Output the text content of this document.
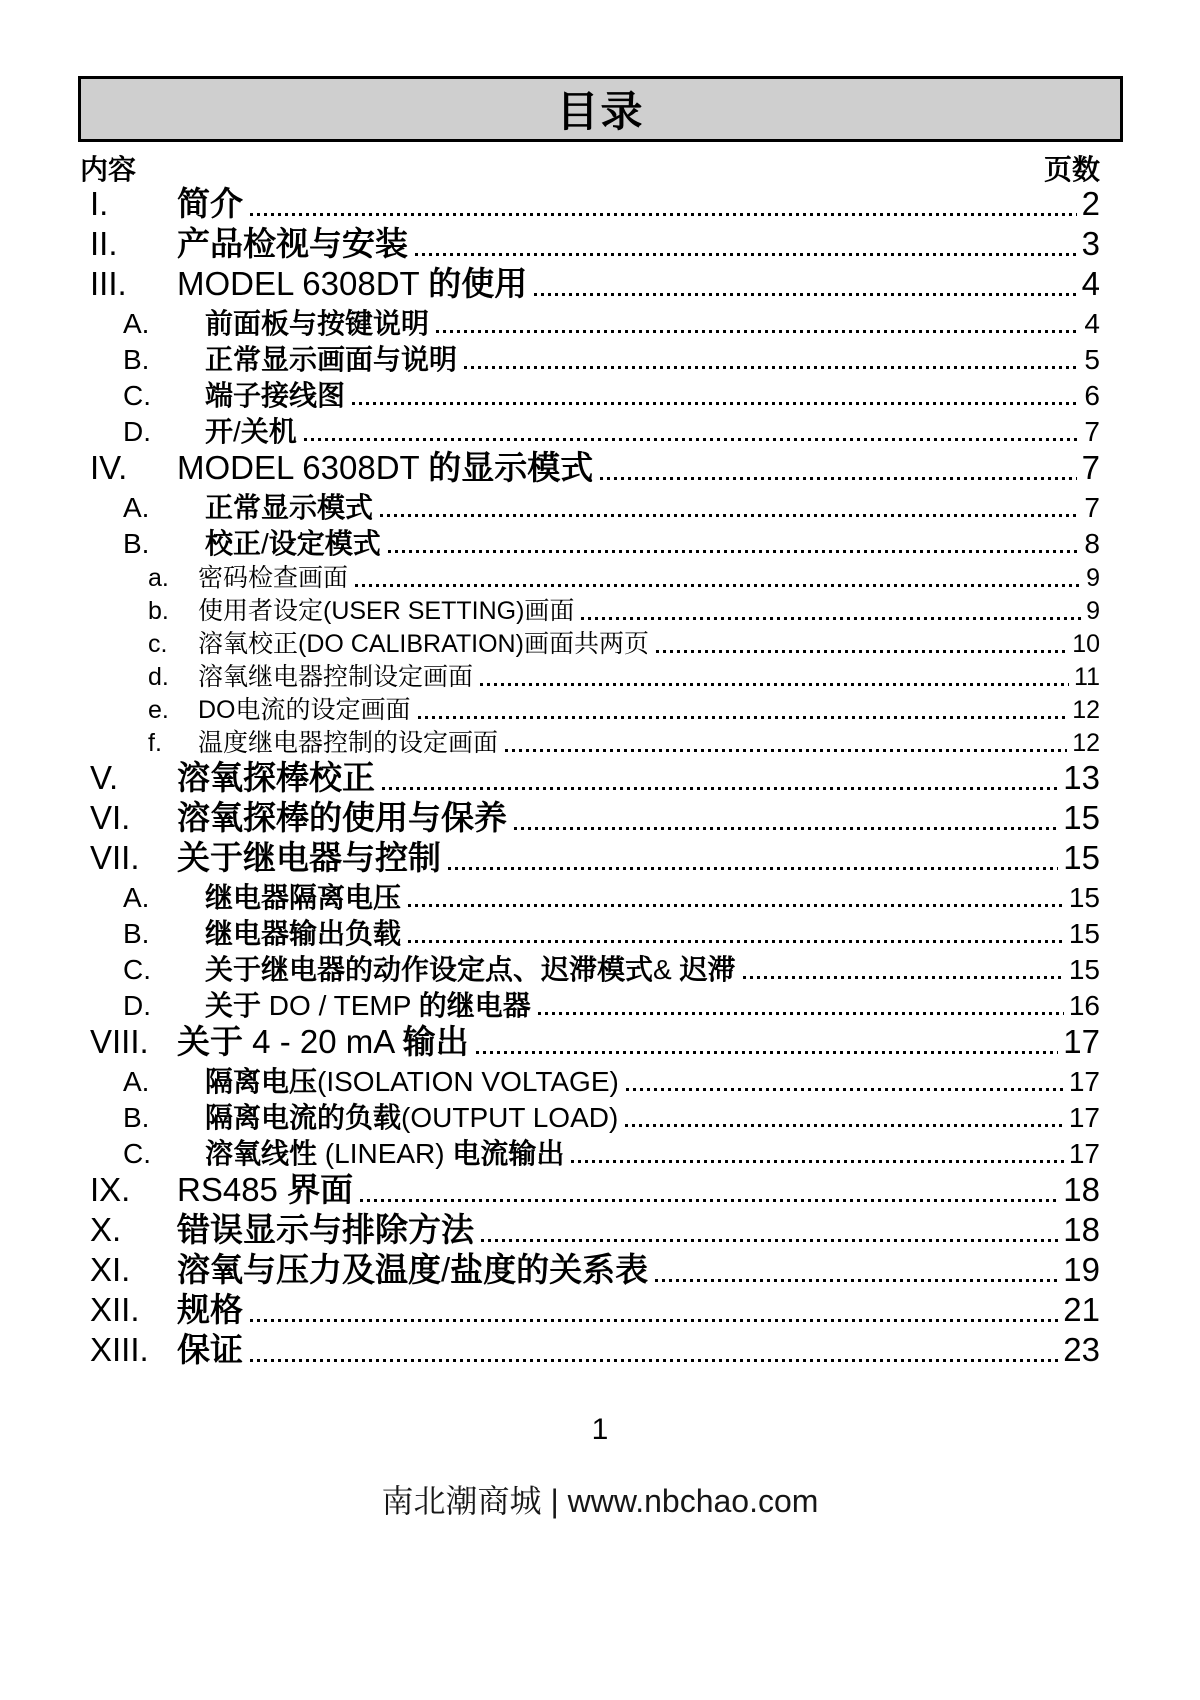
目录
内容	页数
I.	简介	2
II.	产品检视与安装	3
III.	MODEL 6308DT 的使用	4
A.	前面板与按键说明	4
B.	正常显示画面与说明	5
C.	端子接线图	6
D.	开/关机	7
IV.	MODEL 6308DT 的显示模式	7
A.	正常显示模式	7
B.	校正/设定模式	8
a.	密码检查画面	9
b.	使用者设定(USER SETTING)画面	9
c.	溶氧校正(DO CALIBRATION)画面共两页	10
d.	溶氧继电器控制设定画面	11
e.	DO电流的设定画面	12
f.	温度继电器控制的设定画面	12
V.	溶氧探棒校正	13
VI.	溶氧探棒的使用与保养	15
VII.	关于继电器与控制	15
A.	继电器隔离电压	15
B.	继电器输出负载	15
C.	关于继电器的动作设定点、迟滞模式& 迟滞	15
D.	关于 DO / TEMP 的继电器	16
VIII. 关于 4 - 20 mA 输出	17
A.	隔离电压(ISOLATION VOLTAGE)	17
B.	隔离电流的负载(OUTPUT LOAD)	17
C.	溶氧线性 (LINEAR) 电流输出	17
IX.	RS485 界面	18
X.	错误显示与排除方法	18
XI.	溶氧与压力及温度/盐度的关系表	19
XII.	规格	21
XIII. 保证	23
1
南北潮商城 | www.nbchao.com
